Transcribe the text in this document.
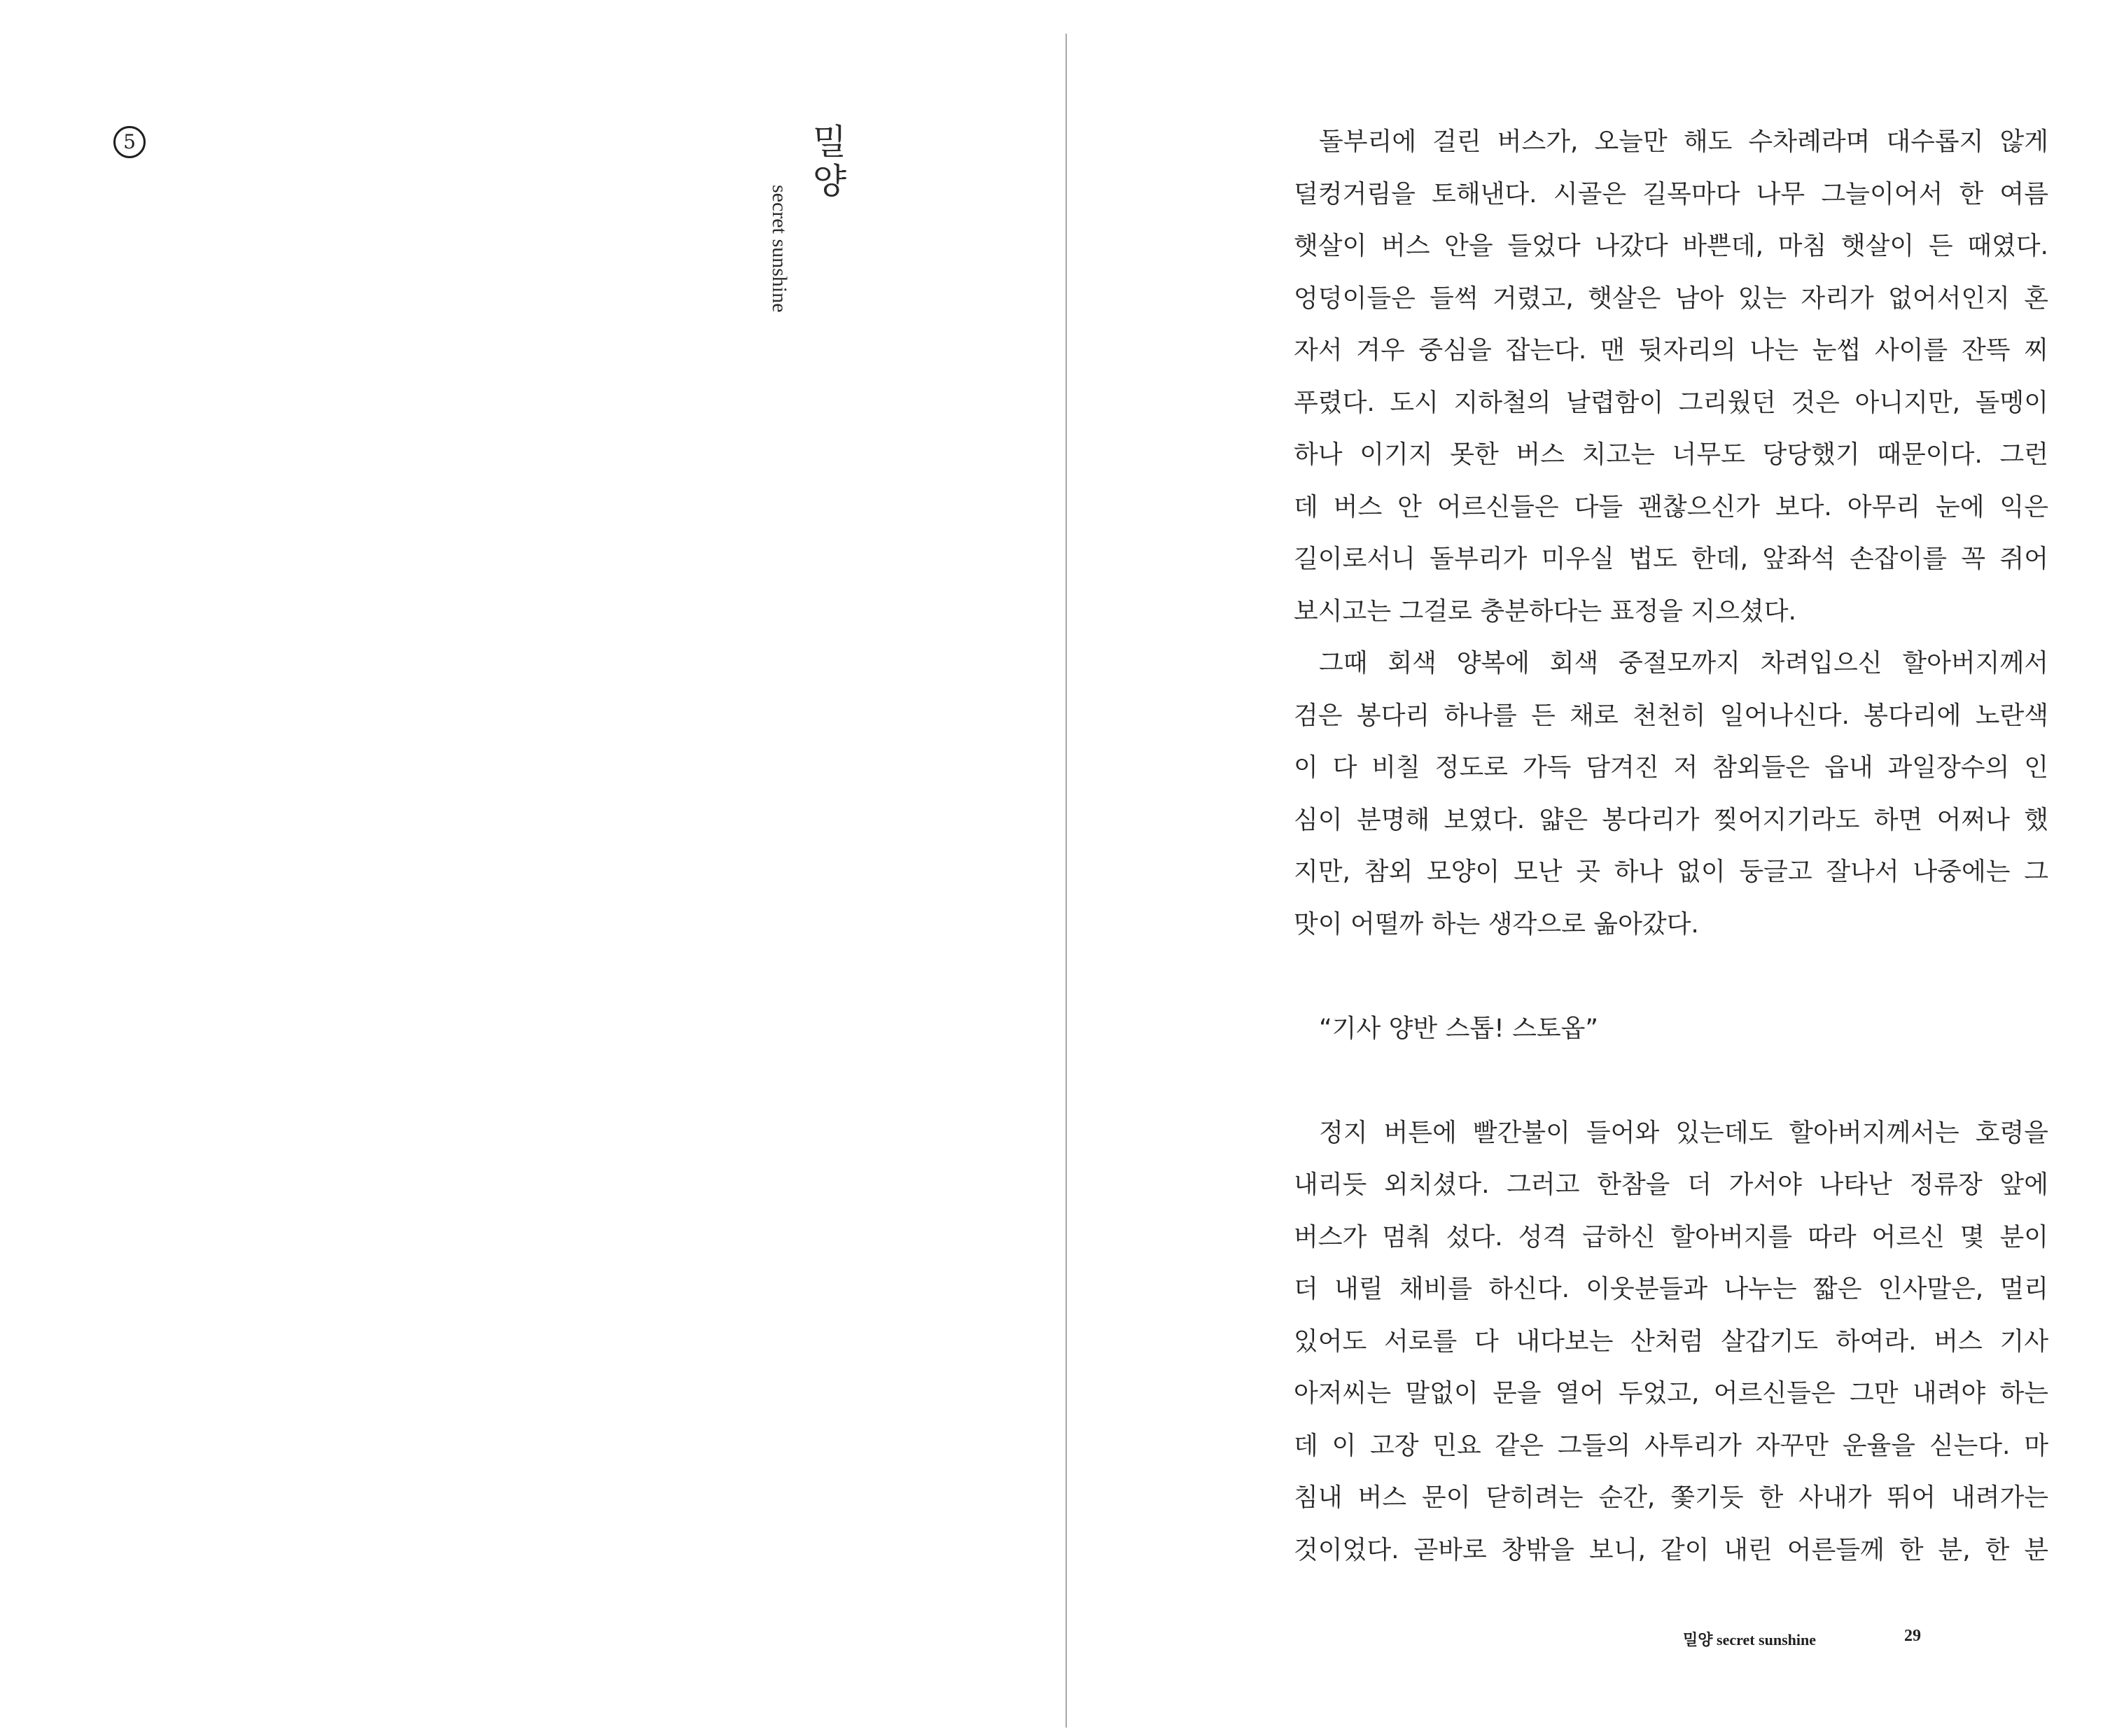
5	밀양
secret sunshine
돌부리에 걸린 버스가, 오늘만 해도 수차례라며 대수롭지 않게
덜컹거림을 토해낸다. 시골은 길목마다 나무 그늘이어서 한 여름
햇살이 버스 안을 들었다 나갔다 바쁜데, 마침 햇살이 든 때였다.
엉덩이들은 들썩 거렸고, 햇살은 남아 있는 자리가 없어서인지 혼
자서 겨우 중심을 잡는다. 맨 뒷자리의 나는 눈썹 사이를 잔뜩 찌
푸렸다. 도시 지하철의 날렵함이 그리웠던 것은 아니지만, 돌멩이
하나 이기지 못한 버스 치고는 너무도 당당했기 때문이다. 그런
데 버스 안 어르신들은 다들 괜찮으신가 보다. 아무리 눈에 익은
길이로서니 돌부리가 미우실 법도 한데, 앞좌석 손잡이를 꼭 쥐어
보시고는 그걸로 충분하다는 표정을 지으셨다.
그때 회색 양복에 회색 중절모까지 차려입으신 할아버지께서
검은 봉다리 하나를 든 채로 천천히 일어나신다. 봉다리에 노란색
이 다 비칠 정도로 가득 담겨진 저 참외들은 읍내 과일장수의 인
심이 분명해 보였다. 얇은 봉다리가 찢어지기라도 하면 어쩌나 했
지만, 참외 모양이 모난 곳 하나 없이 둥글고 잘나서 나중에는 그
맛이 어떨까 하는 생각으로 옮아갔다.
“기사 양반 스톱! 스토옵”
정지 버튼에 빨간불이 들어와 있는데도 할아버지께서는 호령을
내리듯 외치셨다. 그러고 한참을 더 가서야 나타난 정류장 앞에
버스가 멈춰 섰다. 성격 급하신 할아버지를 따라 어르신 몇 분이
더 내릴 채비를 하신다. 이웃분들과 나누는 짧은 인사말은, 멀리
있어도 서로를 다 내다보는 산처럼 살갑기도 하여라. 버스 기사
아저씨는 말없이 문을 열어 두었고, 어르신들은 그만 내려야 하는
데 이 고장 민요 같은 그들의 사투리가 자꾸만 운율을 싣는다. 마
침내 버스 문이 닫히려는 순간, 쫓기듯 한 사내가 뛰어 내려가는
것이었다. 곧바로 창밖을 보니, 같이 내린 어른들께 한 분, 한 분
밀양 secret sunshine	29
